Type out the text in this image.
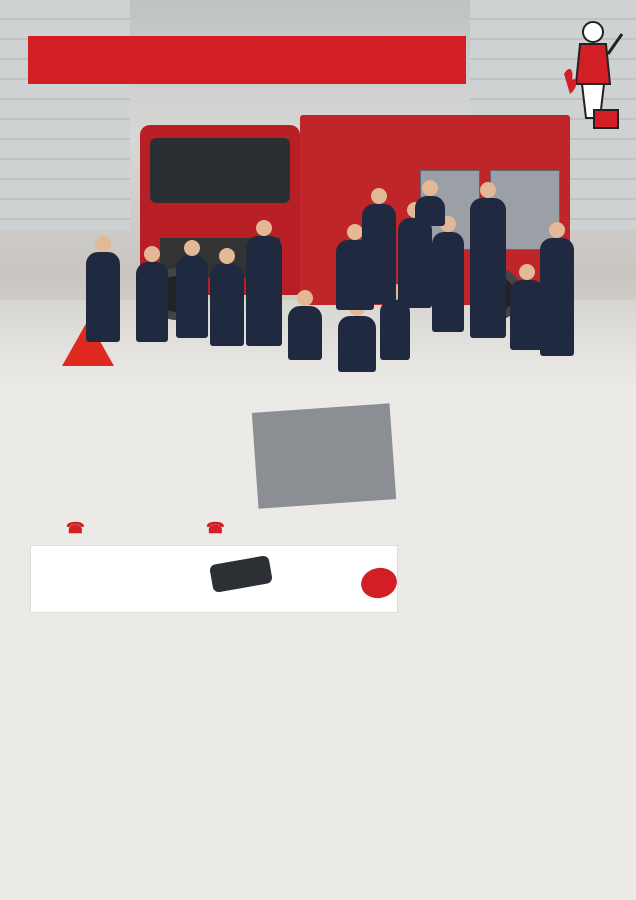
☎	☎
